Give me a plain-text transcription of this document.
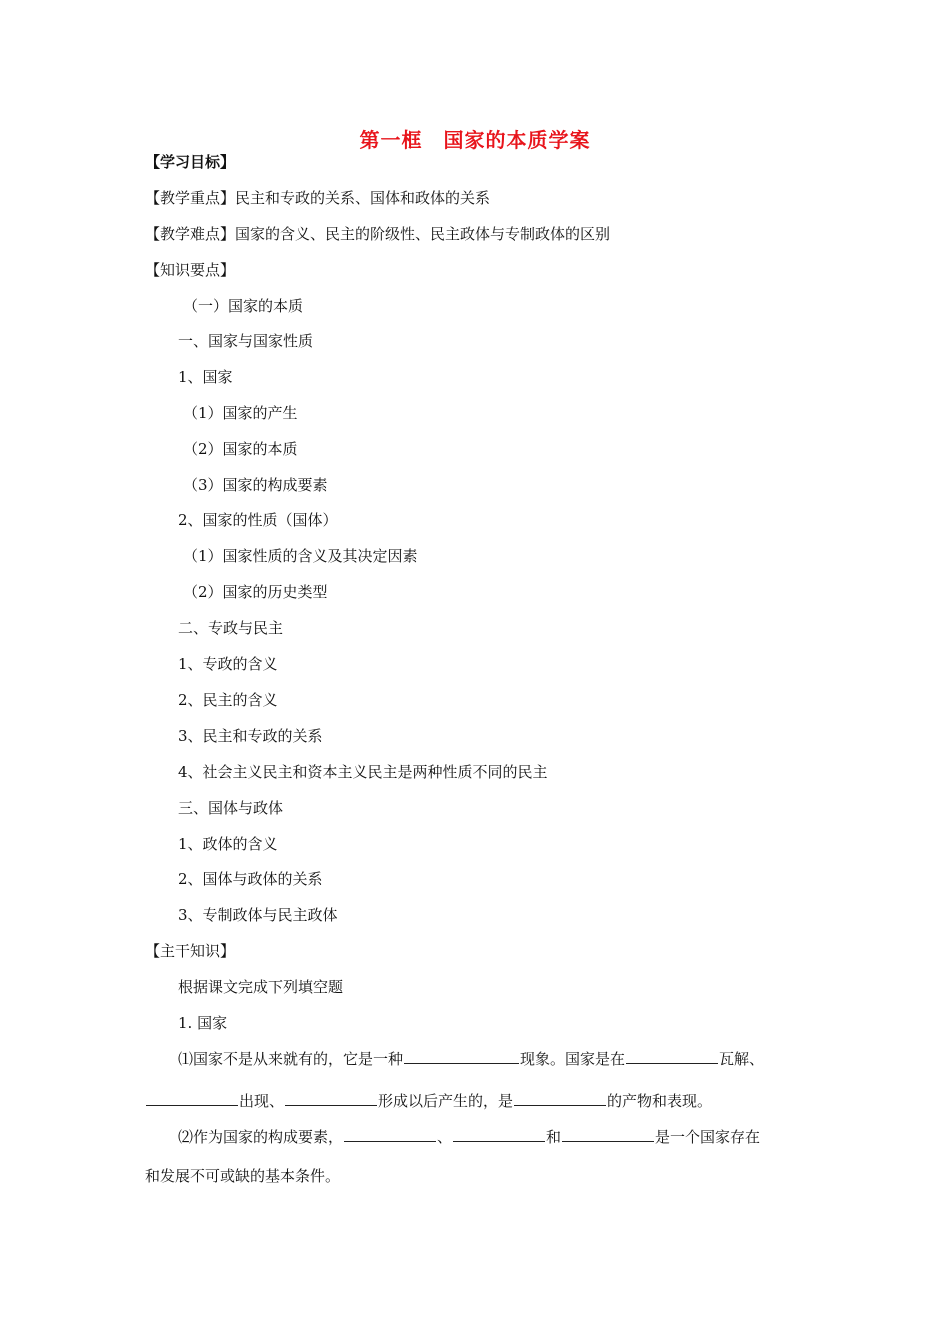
第一框　国家的本质学案
【学习目标】
【教学重点】民主和专政的关系、国体和政体的关系
【教学难点】国家的含义、民主的阶级性、民主政体与专制政体的区别
【知识要点】
（一）国家的本质
一、国家与国家性质
1、国家
（1）国家的产生
（2）国家的本质
（3）国家的构成要素
2、国家的性质（国体）
（1）国家性质的含义及其决定因素
（2）国家的历史类型
二、专政与民主
1、专政的含义
2、民主的含义
3、民主和专政的关系
4、社会主义民主和资本主义民主是两种性质不同的民主
三、国体与政体
1、政体的含义
2、国体与政体的关系
3、专制政体与民主政体
【主干知识】
根据课文完成下列填空题
1. 国家
⑴国家不是从来就有的，它是一种	现象。国家是在	瓦解、
出现、	形成以后产生的，是	的产物和表现。
⑵作为国家的构成要素，	、	和	是一个国家存在
和发展不可或缺的基本条件。
